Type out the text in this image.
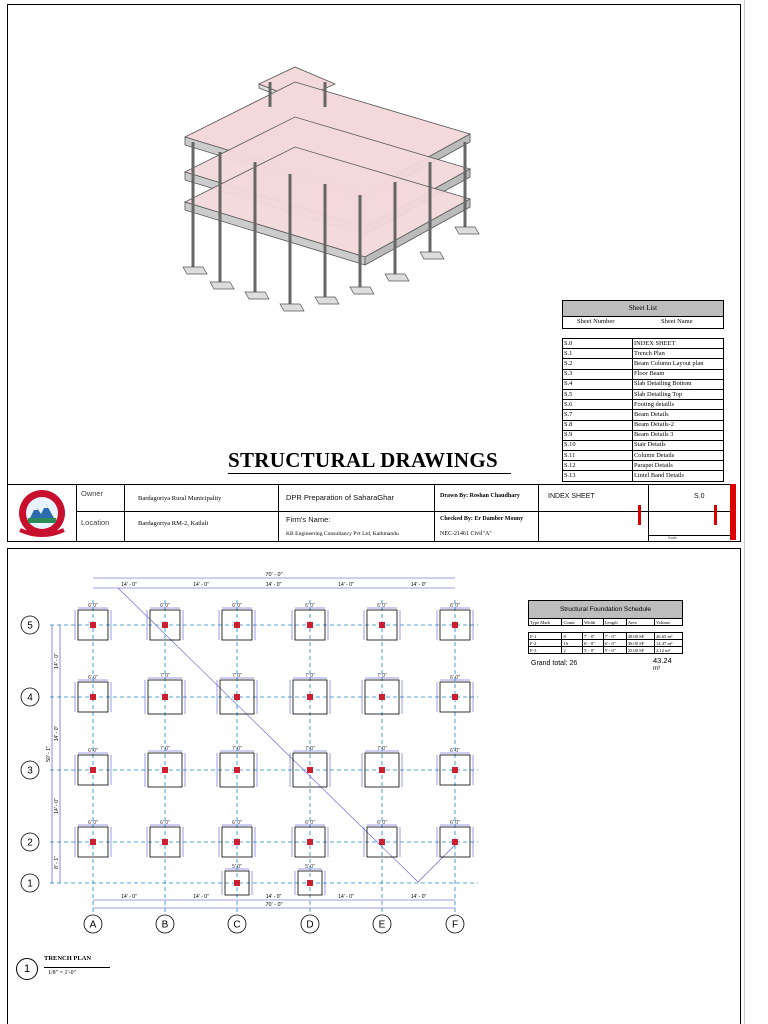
STRUCTURAL DRAWINGS
Sheet List
Sheet Number	Sheet Name
S.0	INDEX SHEET
S.1	Trench Plan
S.2	Beam Column Layout plan
S.3	Floor Beam
S.4	Slab Detailing Bottom
S.5	Slab Detailing Top
S.6	Footing detaills
S.7	Beam Details
S.8	Beam Details-2
S.9	Beam Details 3
S.10	Stair Details
S.11	Column Details
S.12	Parapet Details
S.13	Lintel Band Details
Owner
Bardagoriya Rural Municipality
Location	Bardagoriya RM-2, Kailali
DPR Preparation of SaharaGhar
Firm's Name:
KB Engineering Consultancy Pvt Ltd, Kathmandu
Drawn By: Roshan Chaudhary
Checked By: Er Damber Mouny
NEC-21461 Civil"A"
INDEX SHEET	S.0
Scale
6' 0"	6' 0"	6' 0"	6' 0"	6' 0"	6' 0"
6' 0"	7' 0"	7' 0"	7' 0"	7' 0"	6' 0"
6' 0"	7' 0"	7' 0"	7' 0"	7' 0"	6' 0"
6' 0"	6' 0"	6' 0"	6' 0"	6' 0"	6' 0"
5' 0"	5' 0"
70' - 0"
14' - 0"
14' - 0"
14' - 0"
14' - 0"
14' - 0"
14' - 0"
14' - 0"
14' - 0"
14' - 0"
14' - 0"
70' - 0"
14' - 0"
14' - 0"
14' - 0"
8' - 1"
50' - 1"
5
4
3
2
1
A	B	C	D	E	F
Structural Foundation Schedule
Type Mark	Count	Width	Length	Area	Volume

F-1	8	7' - 0"	7' - 0"	49.00 SF	26.65 m³
F-2	16	6' - 0"	6' - 0"	36.00 SF	14.47 m³
F-3	2	5' - 0"	5' - 0"	25.00 SF	2.12 m³
Grand total: 26	43.24
m³
1
TRENCH PLAN
1/8" = 1'-0"
